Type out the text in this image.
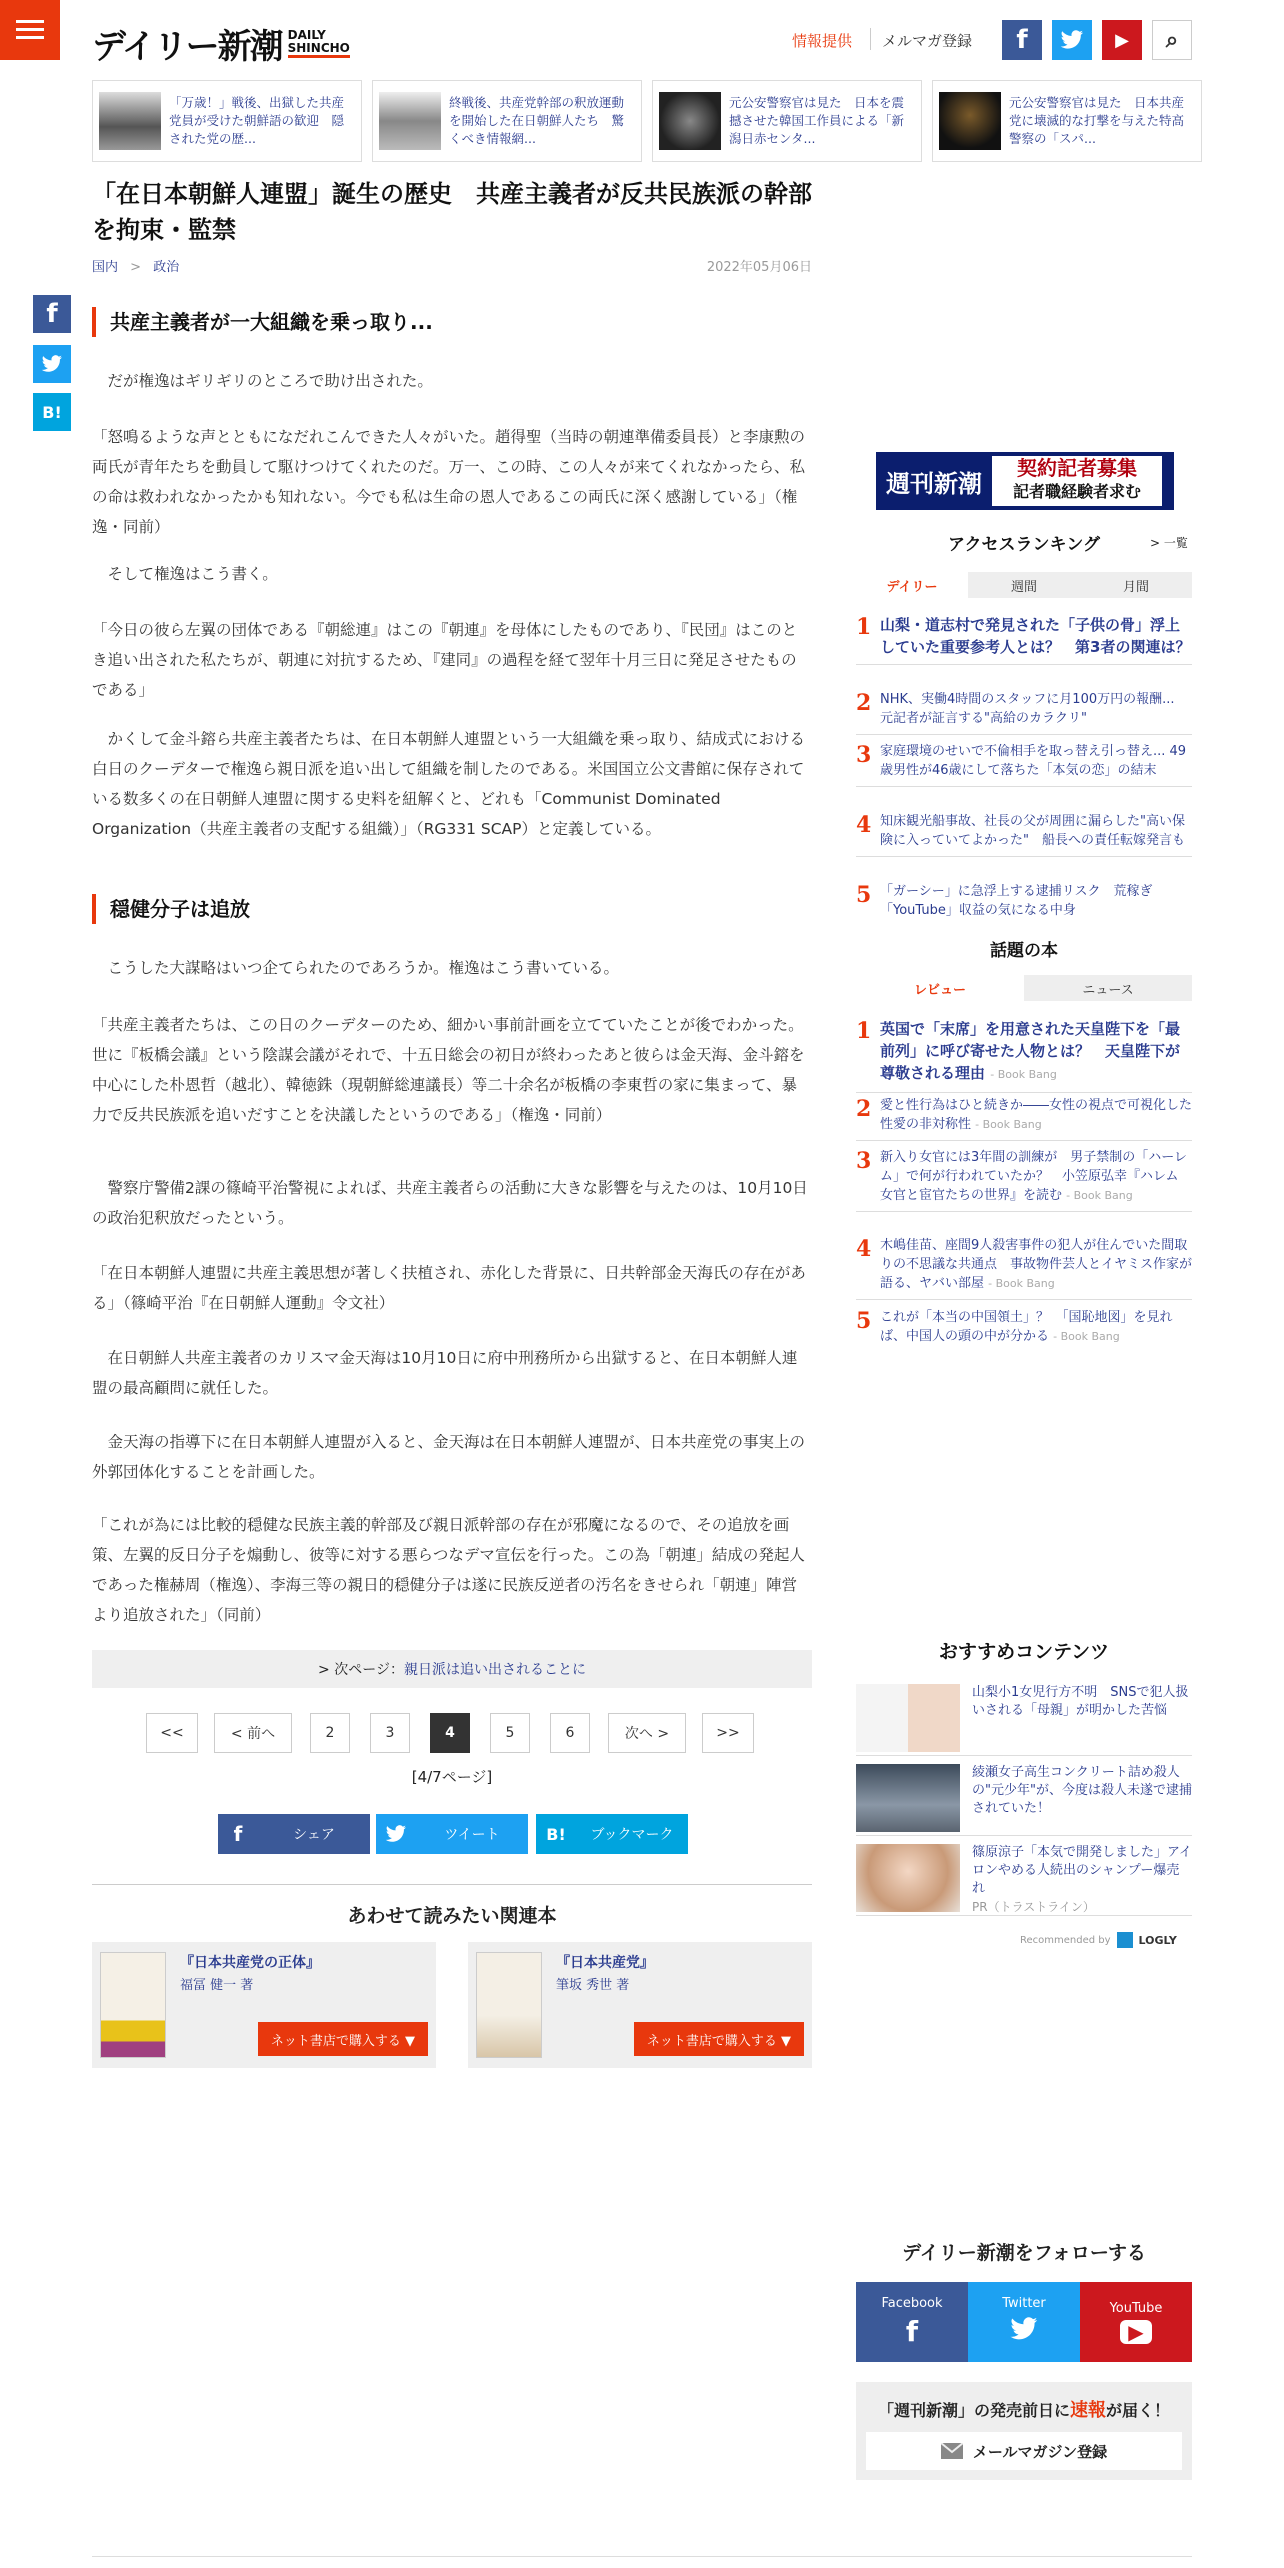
デイリー新潮 DAILY
SHINCHO	情報提供 メルマガ登録	f	▶	⌕
「万歳！」戦後、出獄した共産党員が受けた朝鮮語の歓迎　隠された党の歴...
終戦後、共産党幹部の釈放運動を開始した在日朝鮮人たち　驚くべき情報網...
元公安警察官は見た　日本を震撼させた韓国工作員による「新潟日赤センタ...
元公安警察官は見た　日本共産党に壊滅的な打撃を与えた特高警察の「スパ...
「在日本朝鮮人連盟」誕生の歴史　共産主義者が反共民族派の幹部を拘束・監禁
国内 > 政治	2022年05月06日
f
B!
共産主義者が一大組織を乗っ取り...

　だが権逸はギリギリのところで助け出された。

「怒鳴るような声とともになだれこんできた人々がいた。趙得聖（当時の朝連準備委員長）と李康勲の両氏が青年たちを動員して駆けつけてくれたのだ。万一、この時、この人々が来てくれなかったら、私の命は救われなかったかも知れない。今でも私は生命の恩人であるこの両氏に深く感謝している」（権逸・同前）

　そして権逸はこう書く。

「今日の彼ら左翼の団体である『朝総連』はこの『朝連』を母体にしたものであり、『民団』はこのとき追い出された私たちが、朝連に対抗するため、『建同』の過程を経て翌年十月三日に発足させたものである」

　かくして金斗鎔ら共産主義者たちは、在日本朝鮮人連盟という一大組織を乗っ取り、結成式における白日のクーデターで権逸ら親日派を追い出して組織を制したのである。米国国立公文書館に保存されている数多くの在日朝鮮人連盟に関する史料を紐解くと、どれも「Communist Dominated Organization（共産主義者の支配する組織）」（RG331 SCAP）と定義している。

穏健分子は追放

　こうした大謀略はいつ企てられたのであろうか。権逸はこう書いている。

「共産主義者たちは、この日のクーデターのため、細かい事前計画を立てていたことが後でわかった。世に『板橋会議』という陰謀会議がそれで、十五日総会の初日が終わったあと彼らは金天海、金斗鎔を中心にした朴恩哲（越北）、韓徳銖（現朝鮮総連議長）等二十余名が板橋の李東哲の家に集まって、暴力で反共民族派を追いだすことを決議したというのである」（権逸・同前）

　警察庁警備2課の篠崎平治警視によれば、共産主義者らの活動に大きな影響を与えたのは、10月10日の政治犯釈放だったという。

「在日本朝鮮人連盟に共産主義思想が著しく扶植され、赤化した背景に、日共幹部金天海氏の存在がある」（篠崎平治『在日朝鮮人運動』令文社）

　在日朝鮮人共産主義者のカリスマ金天海は10月10日に府中刑務所から出獄すると、在日本朝鮮人連盟の最高顧問に就任した。

　金天海の指導下に在日本朝鮮人連盟が入ると、金天海は在日本朝鮮人連盟が、日本共産党の事実上の外郭団体化することを計画した。

「これが為には比較的穏健な民族主義的幹部及び親日派幹部の存在が邪魔になるので、その追放を画策、左翼的反日分子を煽動し、彼等に対する悪らつなデマ宣伝を行った。この為「朝連」結成の発起人であった権赫周（権逸）、李海三等の親日的穏健分子は遂に民族反逆者の汚名をきせられ「朝連」陣営より追放された」（同前）

> 次ページ： 親日派は追い出されることに
<<	< 前へ	2	3	4	5	6	次へ >	>>
[4/7ページ]
f	シェア	ツイート	B!	ブックマーク
あわせて読みたい関連本
『日本共産党の正体』
福冨 健一 著
ネット書店で購入する ▼
『日本共産党』
筆坂 秀世 著
ネット書店で購入する ▼
週刊新潮
契約記者募集
記者職経験者求む
アクセスランキング	> 一覧
デイリー	週間	月間
1 山梨・道志村で発見された「子供の骨」浮上していた重要参考人とは？　第3者の関連は？
2 NHK、実働4時間のスタッフに月100万円の報酬...　元記者が証言する"高給のカラクリ"
3 家庭環境のせいで不倫相手を取っ替え引っ替え... 49歳男性が46歳にして落ちた「本気の恋」の結末
4 知床観光船事故、社長の父が周囲に漏らした"高い保険に入っていてよかった"　船長への責任転嫁発言も
5 「ガーシー」に急浮上する逮捕リスク　荒稼ぎ「YouTube」収益の気になる中身
話題の本
レビュー	ニュース
1 英国で「末席」を用意された天皇陛下を「最前列」に呼び寄せた人物とは？　天皇陛下が尊敬される理由 - Book Bang
2 愛と性行為はひと続きか――女性の視点で可視化した性愛の非対称性 - Book Bang
3 新入り女官には3年間の訓練が　男子禁制の「ハーレム」で何が行われていたか？　小笠原弘幸『ハレム　女官と宦官たちの世界』を読む - Book Bang
4 木嶋佳苗、座間9人殺害事件の犯人が住んでいた間取りの不思議な共通点　事故物件芸人とイヤミス作家が語る、ヤバい部屋 - Book Bang
5 これが「本当の中国領土」？　「国恥地図」を見れば、中国人の頭の中が分かる - Book Bang
おすすめコンテンツ
山梨小1女児行方不明　SNSで犯人扱いされる「母親」が明かした苦悩
綾瀬女子高生コンクリート詰め殺人の"元少年"が、今度は殺人未遂で逮捕されていた！
篠原涼子「本気で開発しました」アイロンやめる人続出のシャンプー爆売れ
PR（トラストライン）
Recommended by	LOGLY
デイリー新潮をフォローする
Facebook
f
Twitter	YouTube
▶
「週刊新潮」の発売前日に速報が届く！
メールマガジン登録
